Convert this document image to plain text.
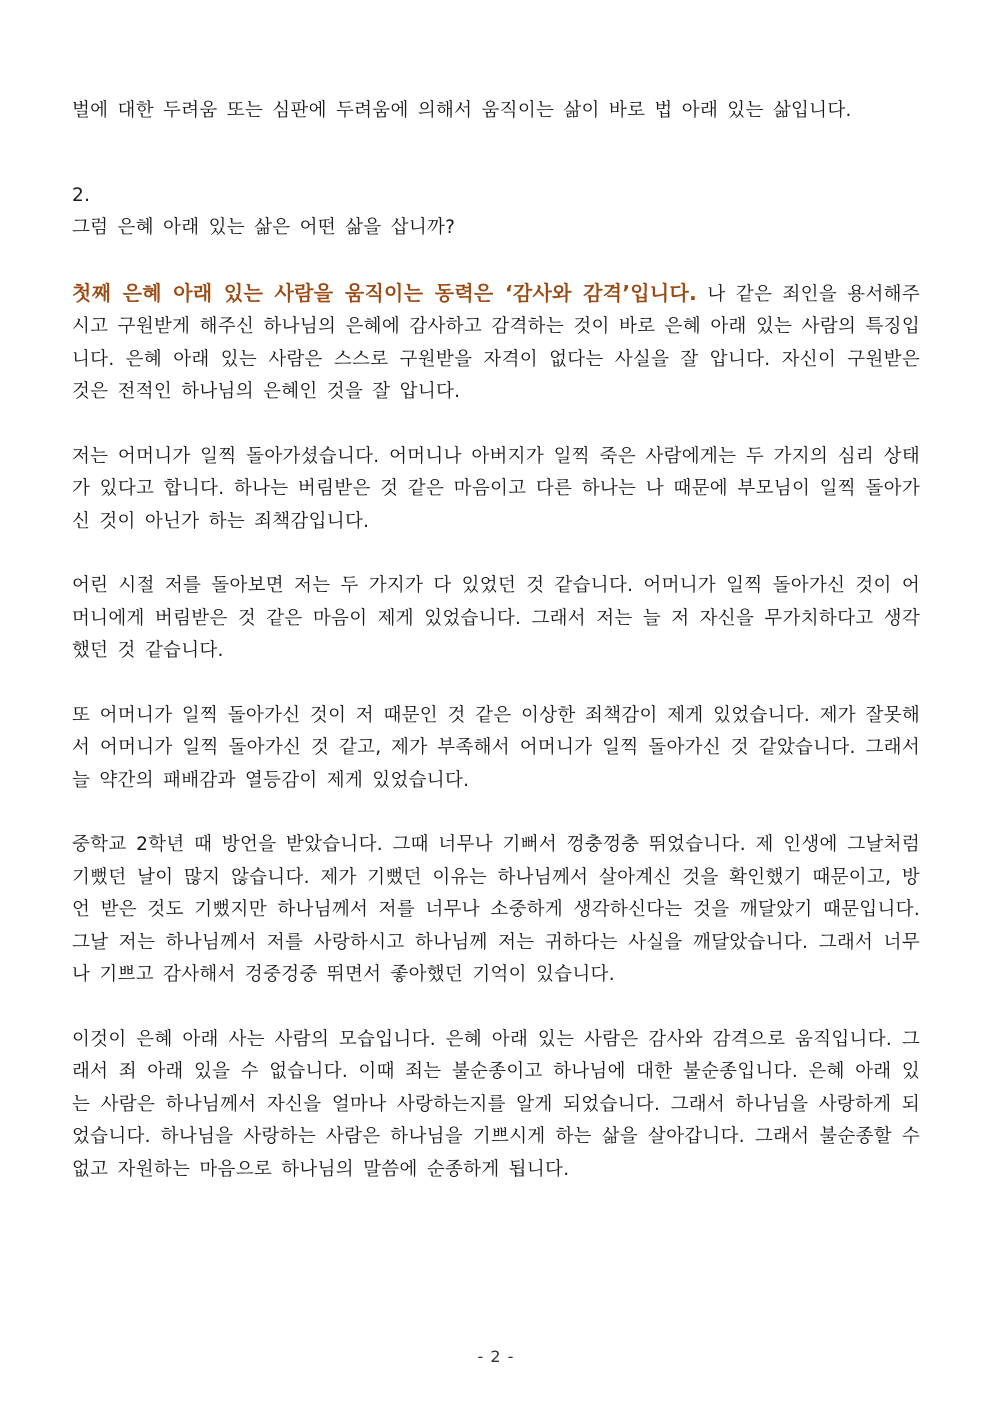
벌에 대한 두려움 또는 심판에 두려움에 의해서 움직이는 삶이 바로 법 아래 있는 삶입니다.

2.

그럼 은혜 아래 있는 삶은 어떤 삶을 삽니까?

첫째 은혜 아래 있는 사람을 움직이는 동력은 ‘감사와 감격’입니다. 나 같은 죄인을 용서해주시고 구원받게 해주신 하나님의 은혜에 감사하고 감격하는 것이 바로 은혜 아래 있는 사람의 특징입니다. 은혜 아래 있는 사람은 스스로 구원받을 자격이 없다는 사실을 잘 압니다. 자신이 구원받은 것은 전적인 하나님의 은혜인 것을 잘 압니다.

저는 어머니가 일찍 돌아가셨습니다. 어머니나 아버지가 일찍 죽은 사람에게는 두 가지의 심리 상태가 있다고 합니다. 하나는 버림받은 것 같은 마음이고 다른 하나는 나 때문에 부모님이 일찍 돌아가신 것이 아닌가 하는 죄책감입니다.

어린 시절 저를 돌아보면 저는 두 가지가 다 있었던 것 같습니다. 어머니가 일찍 돌아가신 것이 어머니에게 버림받은 것 같은 마음이 제게 있었습니다. 그래서 저는 늘 저 자신을 무가치하다고 생각했던 것 같습니다.

또 어머니가 일찍 돌아가신 것이 저 때문인 것 같은 이상한 죄책감이 제게 있었습니다. 제가 잘못해서 어머니가 일찍 돌아가신 것 같고, 제가 부족해서 어머니가 일찍 돌아가신 것 같았습니다. 그래서 늘 약간의 패배감과 열등감이 제게 있었습니다.

중학교 2학년 때 방언을 받았습니다. 그때 너무나 기뻐서 껑충껑충 뛰었습니다. 제 인생에 그날처럼 기뻤던 날이 많지 않습니다. 제가 기뻤던 이유는 하나님께서 살아계신 것을 확인했기 때문이고, 방언 받은 것도 기뻤지만 하나님께서 저를 너무나 소중하게 생각하신다는 것을 깨달았기 때문입니다. 그날 저는 하나님께서 저를 사랑하시고 하나님께 저는 귀하다는 사실을 깨달았습니다. 그래서 너무나 기쁘고 감사해서 겅중겅중 뛰면서 좋아했던 기억이 있습니다.

이것이 은혜 아래 사는 사람의 모습입니다. 은혜 아래 있는 사람은 감사와 감격으로 움직입니다. 그래서 죄 아래 있을 수 없습니다. 이때 죄는 불순종이고 하나님에 대한 불순종입니다. 은혜 아래 있는 사람은 하나님께서 자신을 얼마나 사랑하는지를 알게 되었습니다. 그래서 하나님을 사랑하게 되었습니다. 하나님을 사랑하는 사람은 하나님을 기쁘시게 하는 삶을 살아갑니다. 그래서 불순종할 수 없고 자원하는 마음으로 하나님의 말씀에 순종하게 됩니다.

- 2 -
